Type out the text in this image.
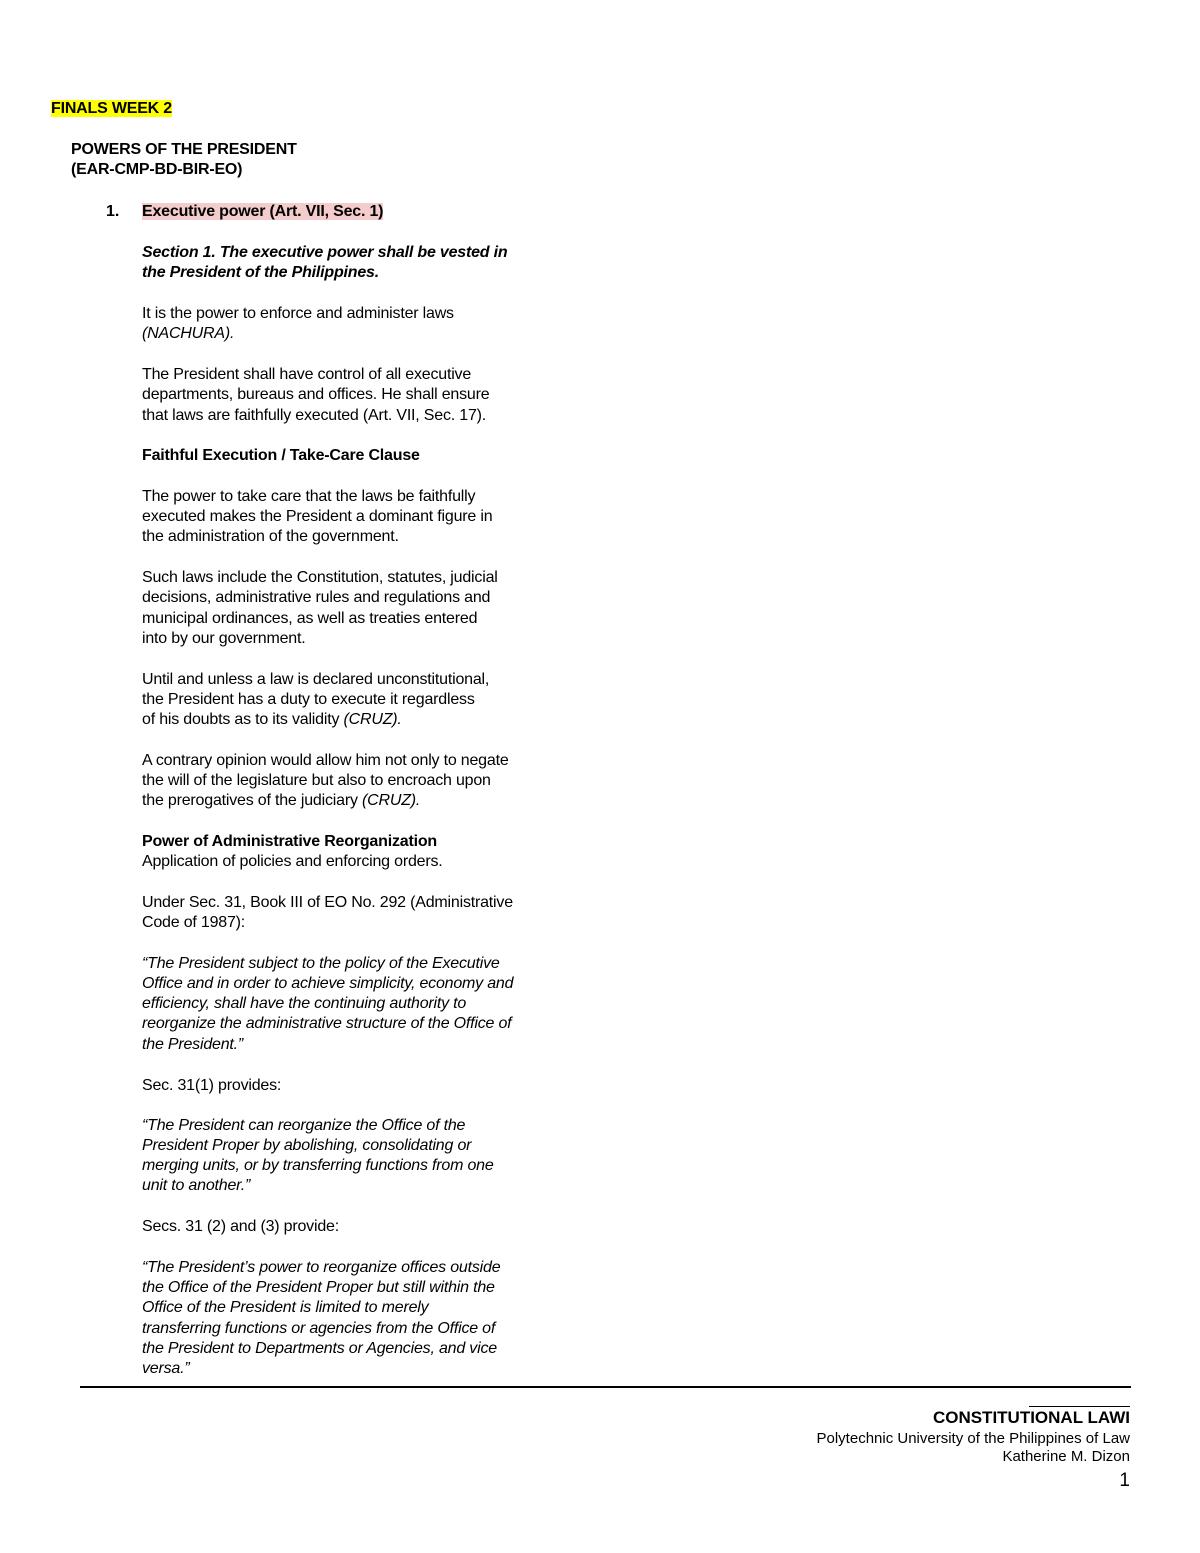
FINALS WEEK 2
POWERS OF THE PRESIDENT
(EAR-CMP-BD-BIR-EO)
1. Executive power (Art. VII, Sec. 1)
Section 1. The executive power shall be vested in
the President of the Philippines.
It is the power to enforce and administer laws
(NACHURA).
The President shall have control of all executive
departments, bureaus and offices. He shall ensure
that laws are faithfully executed (Art. VII, Sec. 17).
Faithful Execution / Take-Care Clause
The power to take care that the laws be faithfully
executed makes the President a dominant figure in
the administration of the government.
Such laws include the Constitution, statutes, judicial
decisions, administrative rules and regulations and
municipal ordinances, as well as treaties entered
into by our government.
Until and unless a law is declared unconstitutional,
the President has a duty to execute it regardless
of his doubts as to its validity (CRUZ).
A contrary opinion would allow him not only to negate
the will of the legislature but also to encroach upon
the prerogatives of the judiciary (CRUZ).
Power of Administrative Reorganization
Application of policies and enforcing orders.
Under Sec. 31, Book III of EO No. 292 (Administrative
Code of 1987):
“The President subject to the policy of the Executive
Office and in order to achieve simplicity, economy and
efficiency, shall have the continuing authority to
reorganize the administrative structure of the Office of
the President.”
Sec. 31(1) provides:
“The President can reorganize the Office of the
President Proper by abolishing, consolidating or
merging units, or by transferring functions from one
unit to another.”
Secs. 31 (2) and (3) provide:
“The President’s power to reorganize offices outside
the Office of the President Proper but still within the
Office of the President is limited to merely
transferring functions or agencies from the Office of
the President to Departments or Agencies, and vice
versa.”
CONSTITUTIONAL LAWI
Polytechnic University of the Philippines of Law
Katherine M. Dizon
1
